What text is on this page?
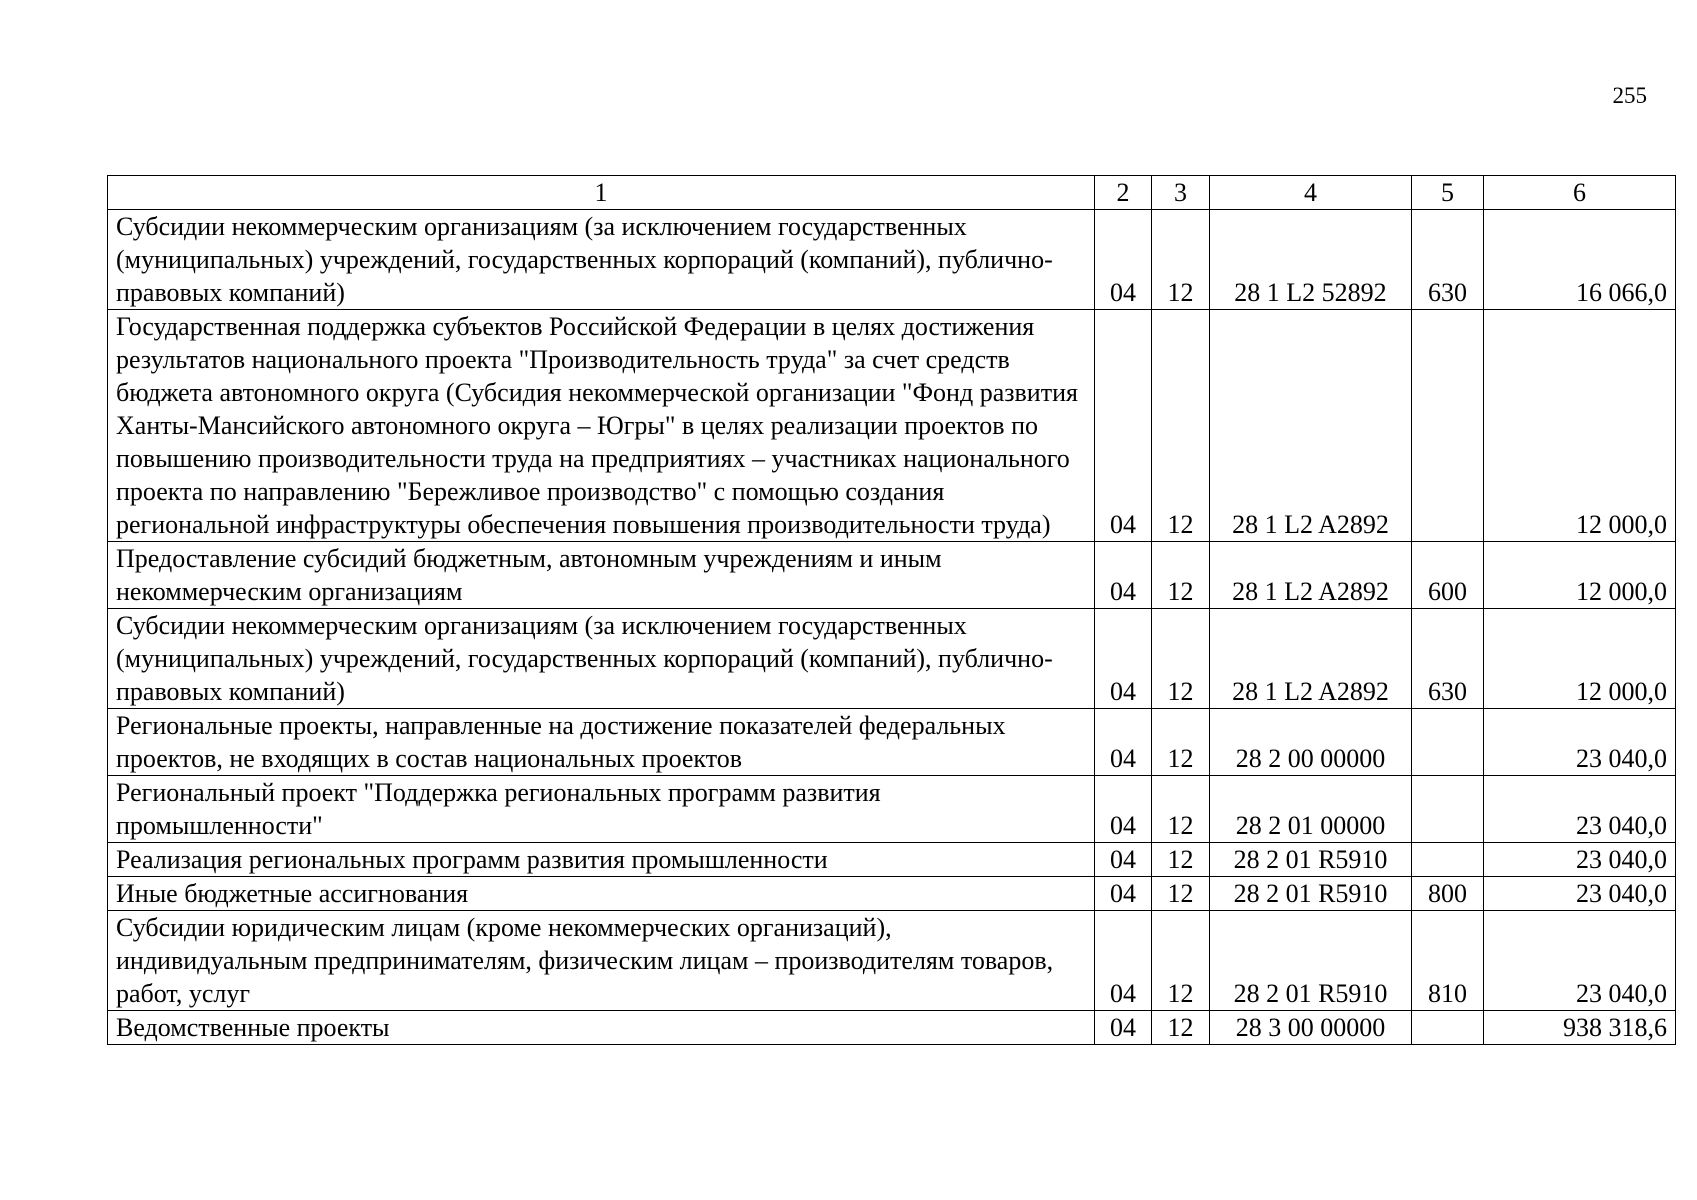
255
1	2	3	4	5	6
Субсидии некоммерческим организациям (за исключением государственных (муниципальных) учреждений, государственных корпораций (компаний), публично-правовых компаний)	04	12	28 1 L2 52892	630	16 066,0
Государственная поддержка субъектов Российской Федерации в целях достижения результатов национального проекта "Производительность труда" за счет средств бюджета автономного округа (Субсидия некоммерческой организации "Фонд развития Ханты-Мансийского автономного округа – Югры" в целях реализации проектов по повышению производительности труда на предприятиях – участниках национального проекта по направлению "Бережливое производство" с помощью создания региональной инфраструктуры обеспечения повышения производительности труда)	04	12	28 1 L2 A2892		12 000,0
Предоставление субсидий бюджетным, автономным учреждениям и иным некоммерческим организациям	04	12	28 1 L2 A2892	600	12 000,0
Субсидии некоммерческим организациям (за исключением государственных (муниципальных) учреждений, государственных корпораций (компаний), публично-правовых компаний)	04	12	28 1 L2 A2892	630	12 000,0
Региональные проекты, направленные на достижение показателей федеральных проектов, не входящих в состав национальных проектов	04	12	28 2 00 00000		23 040,0
Региональный проект "Поддержка региональных программ развития промышленности"	04	12	28 2 01 00000		23 040,0
Реализация региональных программ развития промышленности	04	12	28 2 01 R5910		23 040,0
Иные бюджетные ассигнования	04	12	28 2 01 R5910	800	23 040,0
Субсидии юридическим лицам (кроме некоммерческих организаций), индивидуальным предпринимателям, физическим лицам – производителям товаров, работ, услуг	04	12	28 2 01 R5910	810	23 040,0
Ведомственные проекты	04	12	28 3 00 00000		938 318,6
